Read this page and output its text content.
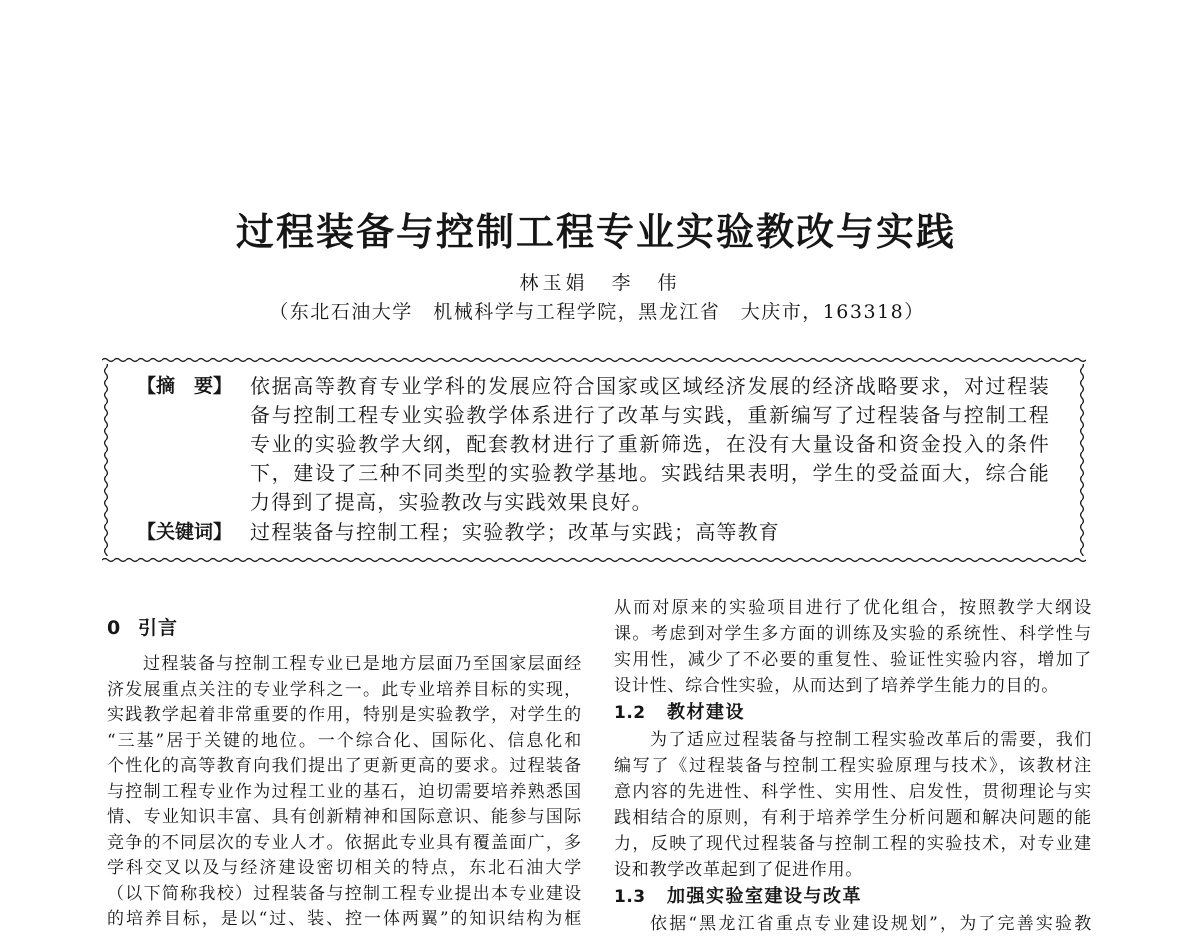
过程装备与控制工程专业实验教改与实践
林玉娟　李　伟
（东北石油大学　机械科学与工程学院，黑龙江省　大庆市，163318）
【摘　要】 依据高等教育专业学科的发展应符合国家或区域经济发展的经济战略要求，对过程装
备与控制工程专业实验教学体系进行了改革与实践，重新编写了过程装备与控制工程
专业的实验教学大纲，配套教材进行了重新筛选，在没有大量设备和资金投入的条件
下，建设了三种不同类型的实验教学基地。实践结果表明，学生的受益面大，综合能
力得到了提高，实验教改与实践效果良好。
【关键词】 过程装备与控制工程；实验教学；改革与实践；高等教育
0 引言
过程装备与控制工程专业已是地方层面乃至国家层面经
济发展重点关注的专业学科之一。此专业培养目标的实现，
实践教学起着非常重要的作用，特别是实验教学，对学生的
“三基”居于关键的地位。一个综合化、国际化、信息化和
个性化的高等教育向我们提出了更新更高的要求。过程装备
与控制工程专业作为过程工业的基石，迫切需要培养熟悉国
情、专业知识丰富、具有创新精神和国际意识、能参与国际
竞争的不同层次的专业人才。依据此专业具有覆盖面广，多
学科交叉以及与经济建设密切相关的特点，东北石油大学
（以下简称我校）过程装备与控制工程专业提出本专业建设
的培养目标，是以“过、装、控一体两翼”的知识结构为框
从而对原来的实验项目进行了优化组合，按照教学大纲设
课。考虑到对学生多方面的训练及实验的系统性、科学性与
实用性，减少了不必要的重复性、验证性实验内容，增加了
设计性、综合性实验，从而达到了培养学生能力的目的。
1.2 教材建设
为了适应过程装备与控制工程实验改革后的需要，我们
编写了《过程装备与控制工程实验原理与技术》，该教材注
意内容的先进性、科学性、实用性、启发性，贯彻理论与实
践相结合的原则，有利于培养学生分析问题和解决问题的能
力，反映了现代过程装备与控制工程的实验技术，对专业建
设和教学改革起到了促进作用。
1.3 加强实验室建设与改革
依据“黑龙江省重点专业建设规划”，为了完善实验教
